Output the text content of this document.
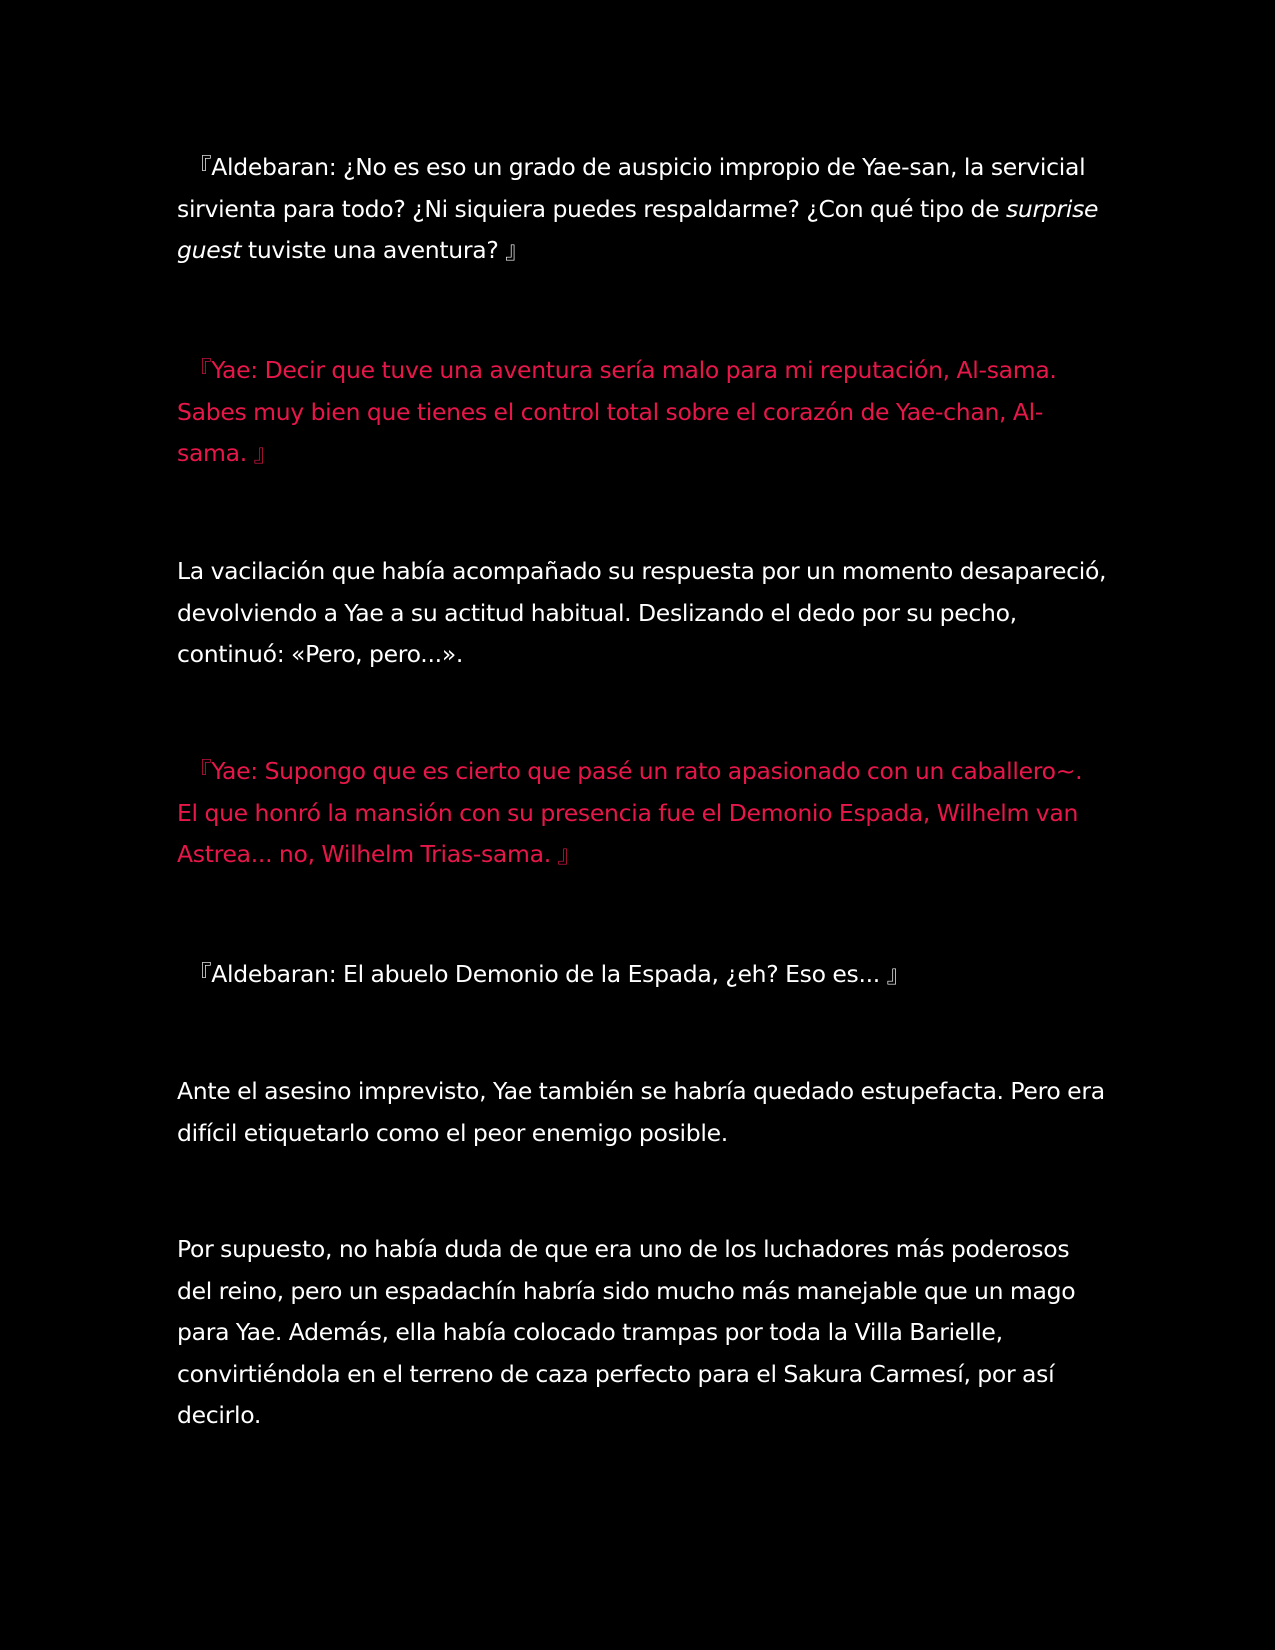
『Aldebaran: ¿No es eso un grado de auspicio impropio de Yae-san, la servicial sirvienta para todo? ¿Ni siquiera puedes respaldarme? ¿Con qué tipo de surprise guest tuviste una aventura? 』

『Yae: Decir que tuve una aventura sería malo para mi reputación, Al-sama. Sabes muy bien que tienes el control total sobre el corazón de Yae-chan, Al-sama. 』

La vacilación que había acompañado su respuesta por un momento desapareció, devolviendo a Yae a su actitud habitual. Deslizando el dedo por su pecho, continuó: «Pero, pero...».

『Yae: Supongo que es cierto que pasé un rato apasionado con un caballero~. El que honró la mansión con su presencia fue el Demonio Espada, Wilhelm van Astrea... no, Wilhelm Trias-sama. 』

『Aldebaran: El abuelo Demonio de la Espada, ¿eh? Eso es... 』

Ante el asesino imprevisto, Yae también se habría quedado estupefacta. Pero era difícil etiquetarlo como el peor enemigo posible.

Por supuesto, no había duda de que era uno de los luchadores más poderosos del reino, pero un espadachín habría sido mucho más manejable que un mago para Yae. Además, ella había colocado trampas por toda la Villa Barielle, convirtiéndola en el terreno de caza perfecto para el Sakura Carmesí, por así decirlo.
